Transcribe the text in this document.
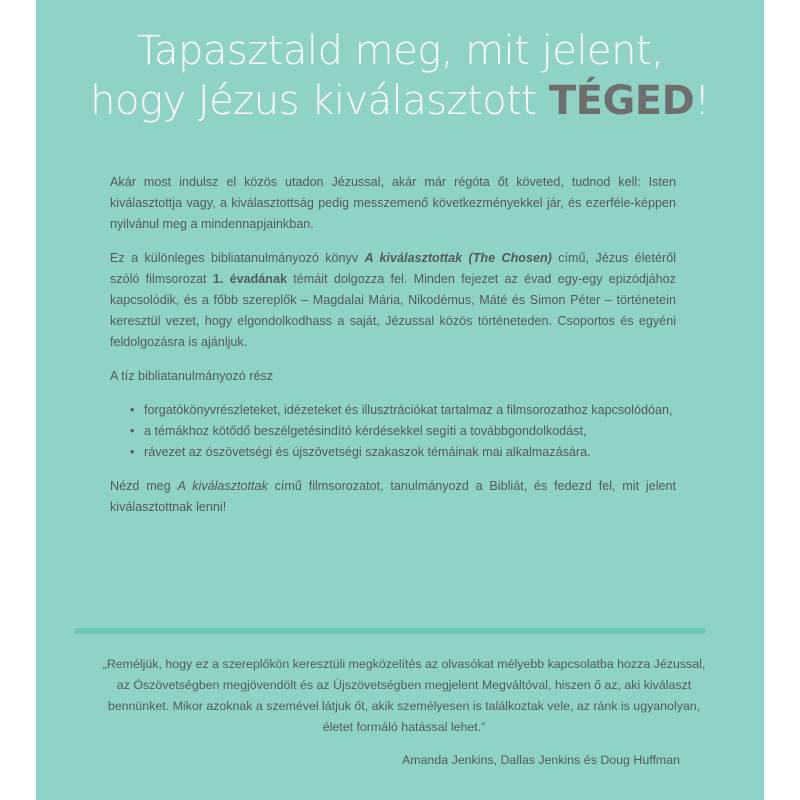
Tapasztald meg, mit jelent,
hogy Jézus kiválasztott TÉGED!

Akár most indulsz el közös utadon Jézussal, akár már régóta őt követed, tudnod kell: Isten kiválasztottja vagy, a kiválasztottság pedig messzemenő következményekkel jár, és ezerféle-képpen nyilvánul meg a mindennapjainkban.

Ez a különleges bibliatanulmányozó könyv A kiválasztottak (The Chosen) című, Jézus életéről szóló filmsorozat 1. évadának témáit dolgozza fel. Minden fejezet az évad egy-egy epizódjához kapcsolódik, és a főbb szereplők – Magdalai Mária, Nikodémus, Máté és Simon Péter – történetein keresztül vezet, hogy elgondolkodhass a saját, Jézussal közös történeteden. Csoportos és egyéni feldolgozásra is ajánljuk.

A tíz bibliatanulmányozó rész

• forgatókönyvrészleteket, idézeteket és illusztrációkat tartalmaz a filmsorozathoz kapcsolódóan,
• a témákhoz kötődő beszélgetésindító kérdésekkel segíti a továbbgondolkodást,
• rávezet az ószövetségi és újszövetségi szakaszok témáinak mai alkalmazására.

Nézd meg A kiválasztottak című filmsorozatot, tanulmányozd a Bibliát, és fedezd fel, mit jelent kiválasztottnak lenni!

„Reméljük, hogy ez a szereplőkön keresztüli megközelítés az olvasókat mélyebb kapcsolatba hozza Jézussal, az Ószövetségben megjövendölt és az Újszövetségben megjelent Megváltóval, hiszen ő az, aki kiválaszt bennünket. Mikor azoknak a szemével látjuk őt, akik személyesen is találkoztak vele, az ránk is ugyanolyan, életet formáló hatással lehet.”
Amanda Jenkins, Dallas Jenkins és Doug Huffman
